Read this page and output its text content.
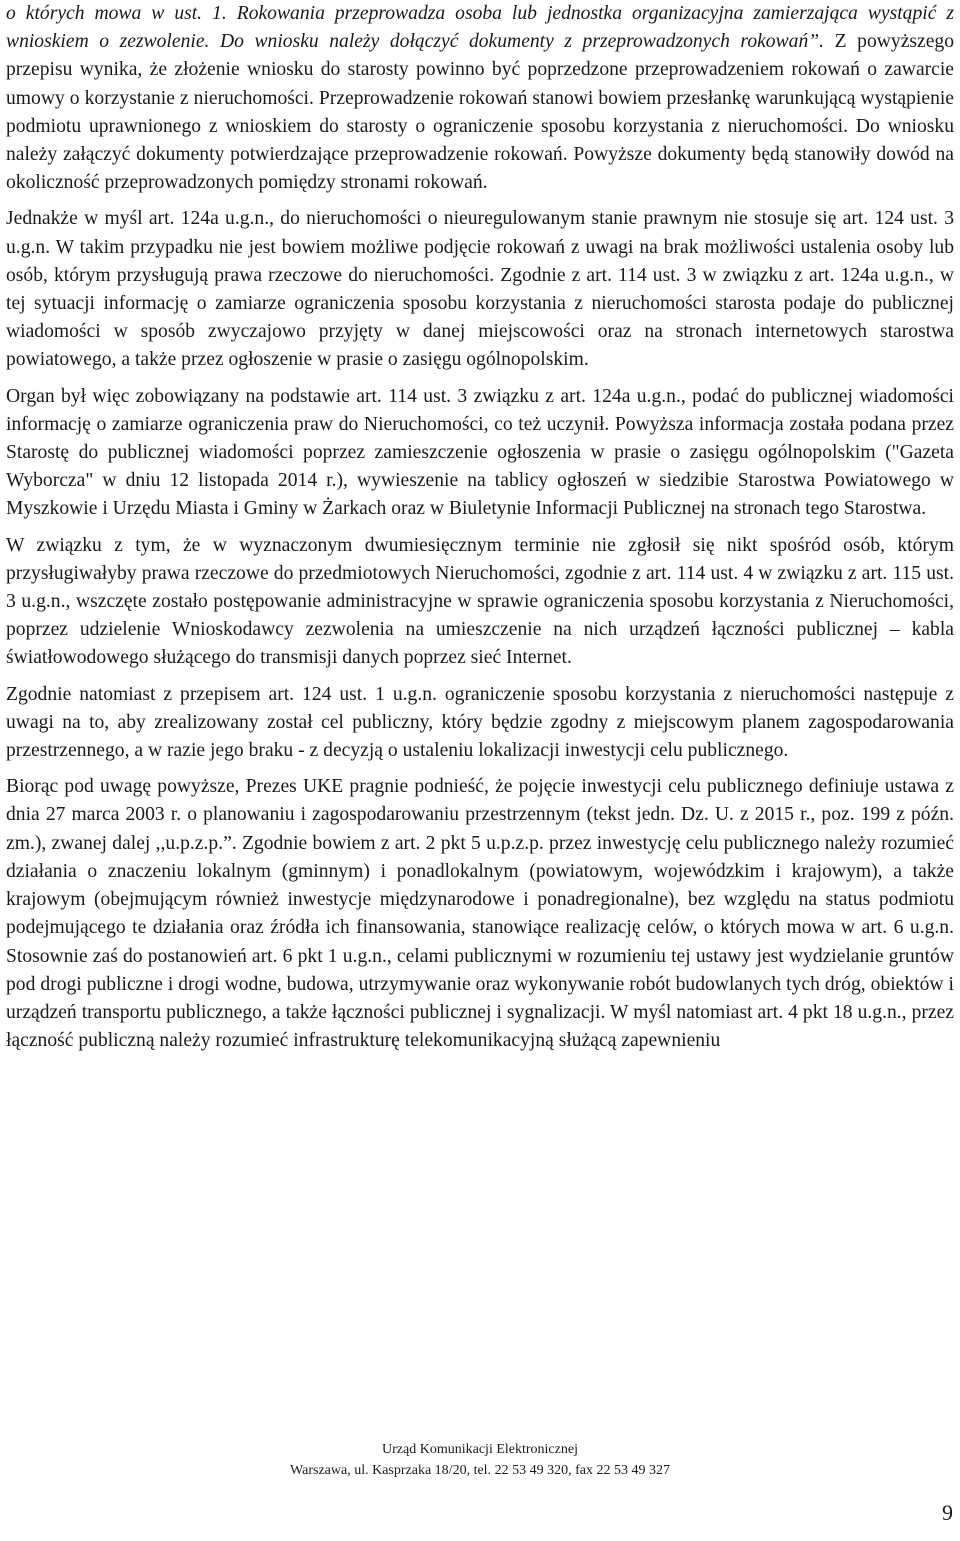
o których mowa w ust. 1. Rokowania przeprowadza osoba lub jednostka organizacyjna zamierzająca wystąpić z wnioskiem o zezwolenie. Do wniosku należy dołączyć dokumenty z przeprowadzonych rokowań”. Z powyższego przepisu wynika, że złożenie wniosku do starosty powinno być poprzedzone przeprowadzeniem rokowań o zawarcie umowy o korzystanie z nieruchomości. Przeprowadzenie rokowań stanowi bowiem przesłankę warunkującą wystąpienie podmiotu uprawnionego z wnioskiem do starosty o ograniczenie sposobu korzystania z nieruchomości. Do wniosku należy załączyć dokumenty potwierdzające przeprowadzenie rokowań. Powyższe dokumenty będą stanowiły dowód na okoliczność przeprowadzonych pomiędzy stronami rokowań.

Jednakże w myśl art. 124a u.g.n., do nieruchomości o nieuregulowanym stanie prawnym nie stosuje się art. 124 ust. 3 u.g.n. W takim przypadku nie jest bowiem możliwe podjęcie rokowań z uwagi na brak możliwości ustalenia osoby lub osób, którym przysługują prawa rzeczowe do nieruchomości. Zgodnie z art. 114 ust. 3 w związku z art. 124a u.g.n., w tej sytuacji informację o zamiarze ograniczenia sposobu korzystania z nieruchomości starosta podaje do publicznej wiadomości w sposób zwyczajowo przyjęty w danej miejscowości oraz na stronach internetowych starostwa powiatowego, a także przez ogłoszenie w prasie o zasięgu ogólnopolskim.

Organ był więc zobowiązany na podstawie art. 114 ust. 3 związku z art. 124a u.g.n., podać do publicznej wiadomości informację o zamiarze ograniczenia praw do Nieruchomości, co też uczynił. Powyższa informacja została podana przez Starostę do publicznej wiadomości poprzez zamieszczenie ogłoszenia w prasie o zasięgu ogólnopolskim ("Gazeta Wyborcza" w dniu 12 listopada 2014 r.), wywieszenie na tablicy ogłoszeń w siedzibie Starostwa Powiatowego w Myszkowie i Urzędu Miasta i Gminy w Żarkach oraz w Biuletynie Informacji Publicznej na stronach tego Starostwa.

W związku z tym, że w wyznaczonym dwumiesięcznym terminie nie zgłosił się nikt spośród osób, którym przysługiwałyby prawa rzeczowe do przedmiotowych Nieruchomości, zgodnie z art. 114 ust. 4 w związku z art. 115 ust. 3 u.g.n., wszczęte zostało postępowanie administracyjne w sprawie ograniczenia sposobu korzystania z Nieruchomości, poprzez udzielenie Wnioskodawcy zezwolenia na umieszczenie na nich urządzeń łączności publicznej – kabla światłowodowego służącego do transmisji danych poprzez sieć Internet.

Zgodnie natomiast z przepisem art. 124 ust. 1 u.g.n. ograniczenie sposobu korzystania z nieruchomości następuje z uwagi na to, aby zrealizowany został cel publiczny, który będzie zgodny z miejscowym planem zagospodarowania przestrzennego, a w razie jego braku - z decyzją o ustaleniu lokalizacji inwestycji celu publicznego.

Biorąc pod uwagę powyższe, Prezes UKE pragnie podnieść, że pojęcie inwestycji celu publicznego definiuje ustawa z dnia 27 marca 2003 r. o planowaniu i zagospodarowaniu przestrzennym (tekst jedn. Dz. U. z 2015 r., poz. 199 z późn. zm.), zwanej dalej ,,u.p.z.p.”. Zgodnie bowiem z art. 2 pkt 5 u.p.z.p. przez inwestycję celu publicznego należy rozumieć działania o znaczeniu lokalnym (gminnym) i ponadlokalnym (powiatowym, wojewódzkim i krajowym), a także krajowym (obejmującym również inwestycje międzynarodowe i ponadregionalne), bez względu na status podmiotu podejmującego te działania oraz źródła ich finansowania, stanowiące realizację celów, o których mowa w art. 6 u.g.n. Stosownie zaś do postanowień art. 6 pkt 1 u.g.n., celami publicznymi w rozumieniu tej ustawy jest wydzielanie gruntów pod drogi publiczne i drogi wodne, budowa, utrzymywanie oraz wykonywanie robót budowlanych tych dróg, obiektów i urządzeń transportu publicznego, a także łączności publicznej i sygnalizacji. W myśl natomiast art. 4 pkt 18 u.g.n., przez łączność publiczną należy rozumieć infrastrukturę telekomunikacyjną służącą zapewnieniu

Urząd Komunikacji Elektronicznej
Warszawa, ul. Kasprzaka 18/20, tel. 22 53 49 320, fax 22 53 49 327
9
